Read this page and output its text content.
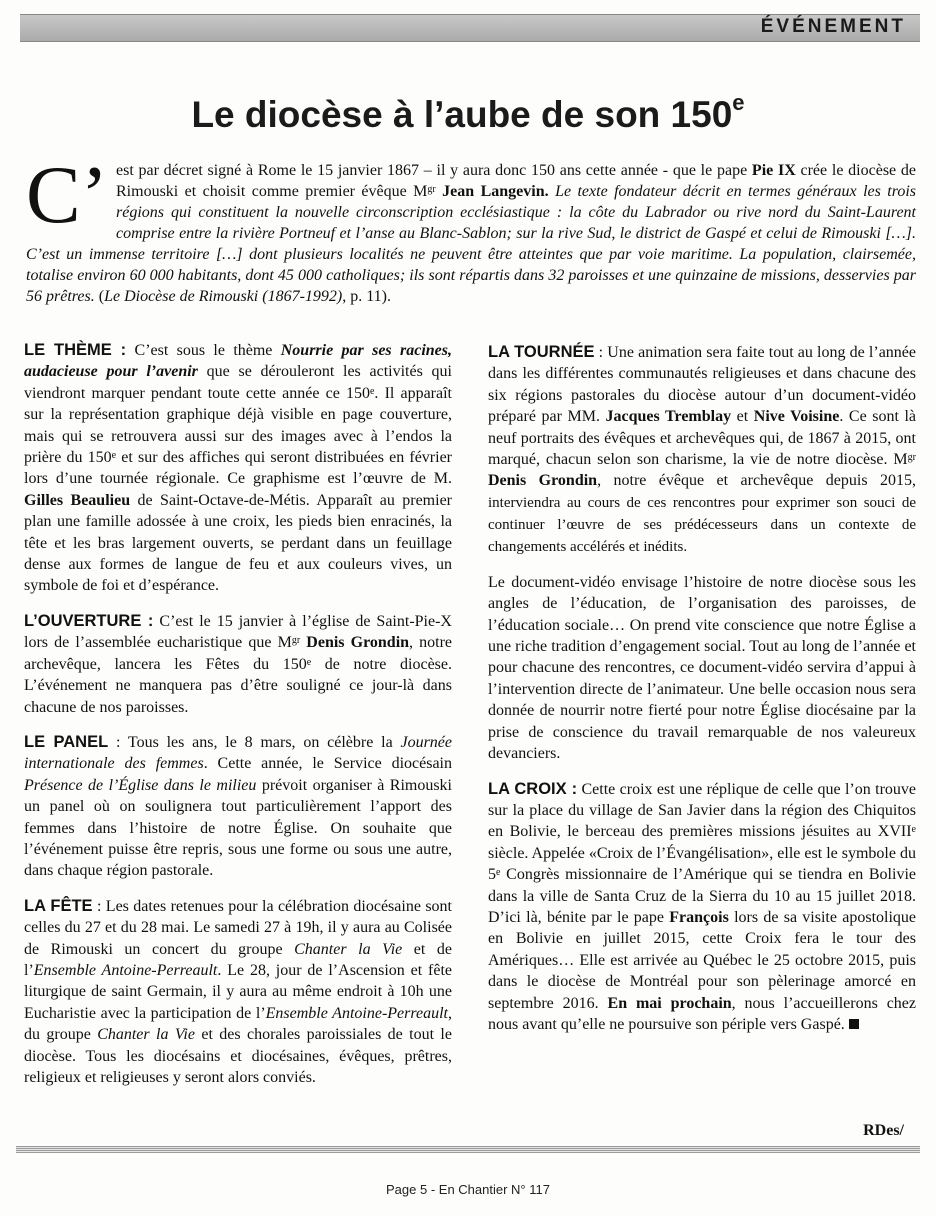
ÉVÉNEMENT
Le diocèse à l’aube de son 150e
C’ est par décret signé à Rome le 15 janvier 1867 – il y aura donc 150 ans cette année - que le pape Pie IX crée le diocèse de Rimouski et choisit comme premier évêque $M^{gr}$ Jean Langevin. Le texte fondateur décrit en termes généraux les trois régions qui constituent la nouvelle circonscription ecclésiastique : la côte du Labrador ou rive nord du Saint-Laurent comprise entre la rivière Portneuf et l’anse au Blanc-Sablon; sur la rive Sud, le district de Gaspé et celui de Rimouski […]. C’est un immense territoire […] dont plusieurs localités ne peuvent être atteintes que par voie maritime. La population, clairsemée, totalise environ 60 000 habitants, dont 45 000 catholiques; ils sont répartis dans 32 paroisses et une quinzaine de missions, desservies par 56 prêtres. (Le Diocèse de Rimouski (1867-1992), p. 11).

LE THÈME : C’est sous le thème Nourrie par ses racines, audacieuse pour l’avenir que se dérouleront les activités qui viendront marquer pendant toute cette année ce 150e. Il apparaît sur la représentation graphique déjà visible en page couverture, mais qui se retrouvera aussi sur des images avec à l’endos la prière du 150e et sur des affiches qui seront distribuées en février lors d’une tournée régionale. Ce graphisme est l’œuvre de M. Gilles Beaulieu de Saint-Octave-de-Métis. Apparaît au premier plan une famille adossée à une croix, les pieds bien enracinés, la tête et les bras largement ouverts, se perdant dans un feuillage dense aux formes de langue de feu et aux couleurs vives, un symbole de foi et d’espérance.

L’OUVERTURE : C’est le 15 janvier à l’église de Saint-Pie-X lors de l’assemblée eucharistique que $M^{gr}$ Denis Grondin, notre archevêque, lancera les Fêtes du 150e de notre diocèse. L’événement ne manquera pas d’être souligné ce jour-là dans chacune de nos paroisses.

LE PANEL : Tous les ans, le 8 mars, on célèbre la Journée internationale des femmes. Cette année, le Service diocésain Présence de l’Église dans le milieu prévoit organiser à Rimouski un panel où on soulignera tout particulièrement l’apport des femmes dans l’histoire de notre Église. On souhaite que l’événement puisse être repris, sous une forme ou sous une autre, dans chaque région pastorale.

LA FÊTE : Les dates retenues pour la célébration diocésaine sont celles du 27 et du 28 mai. Le samedi 27 à 19h, il y aura au Colisée de Rimouski un concert du groupe Chanter la Vie et de l’Ensemble Antoine-Perreault. Le 28, jour de l’Ascension et fête liturgique de saint Germain, il y aura au même endroit à 10h une Eucharistie avec la participation de l’Ensemble Antoine-Perreault, du groupe Chanter la Vie et des chorales paroissiales de tout le diocèse. Tous les diocésains et diocésaines, évêques, prêtres, religieux et religieuses y seront alors conviés.

LA TOURNÉE : Une animation sera faite tout au long de l’année dans les différentes communautés religieuses et dans chacune des six régions pastorales du diocèse autour d’un document-vidéo préparé par MM. Jacques Tremblay et Nive Voisine. Ce sont là neuf portraits des évêques et archevêques qui, de 1867 à 2015, ont marqué, chacun selon son charisme, la vie de notre diocèse. $M^{gr}$ Denis Grondin, notre évêque et archevêque depuis 2015, interviendra au cours de ces rencontres pour exprimer son souci de continuer l’œuvre de ses prédécesseurs dans un contexte de changements accélérés et inédits.

Le document-vidéo envisage l’histoire de notre diocèse sous les angles de l’éducation, de l’organisation des paroisses, de l’éducation sociale… On prend vite conscience que notre Église a une riche tradition d’engagement social. Tout au long de l’année et pour chacune des rencontres, ce document-vidéo servira d’appui à l’intervention directe de l’animateur. Une belle occasion nous sera donnée de nourrir notre fierté pour notre Église diocésaine par la prise de conscience du travail remarquable de nos valeureux devanciers.

LA CROIX : Cette croix est une réplique de celle que l’on trouve sur la place du village de San Javier dans la région des Chiquitos en Bolivie, le berceau des premières missions jésuites au XVIIe siècle. Appelée «Croix de l’Évangélisation», elle est le symbole du 5e Congrès missionnaire de l’Amérique qui se tiendra en Bolivie dans la ville de Santa Cruz de la Sierra du 10 au 15 juillet 2018. D’ici là, bénite par le pape François lors de sa visite apostolique en Bolivie en juillet 2015, cette Croix fera le tour des Amériques… Elle est arrivée au Québec le 25 octobre 2015, puis dans le diocèse de Montréal pour son pèlerinage amorcé en septembre 2016. En mai prochain, nous l’accueillerons chez nous avant qu’elle ne poursuive son périple vers Gaspé.

RDes/
Page 5 - En Chantier N° 117
